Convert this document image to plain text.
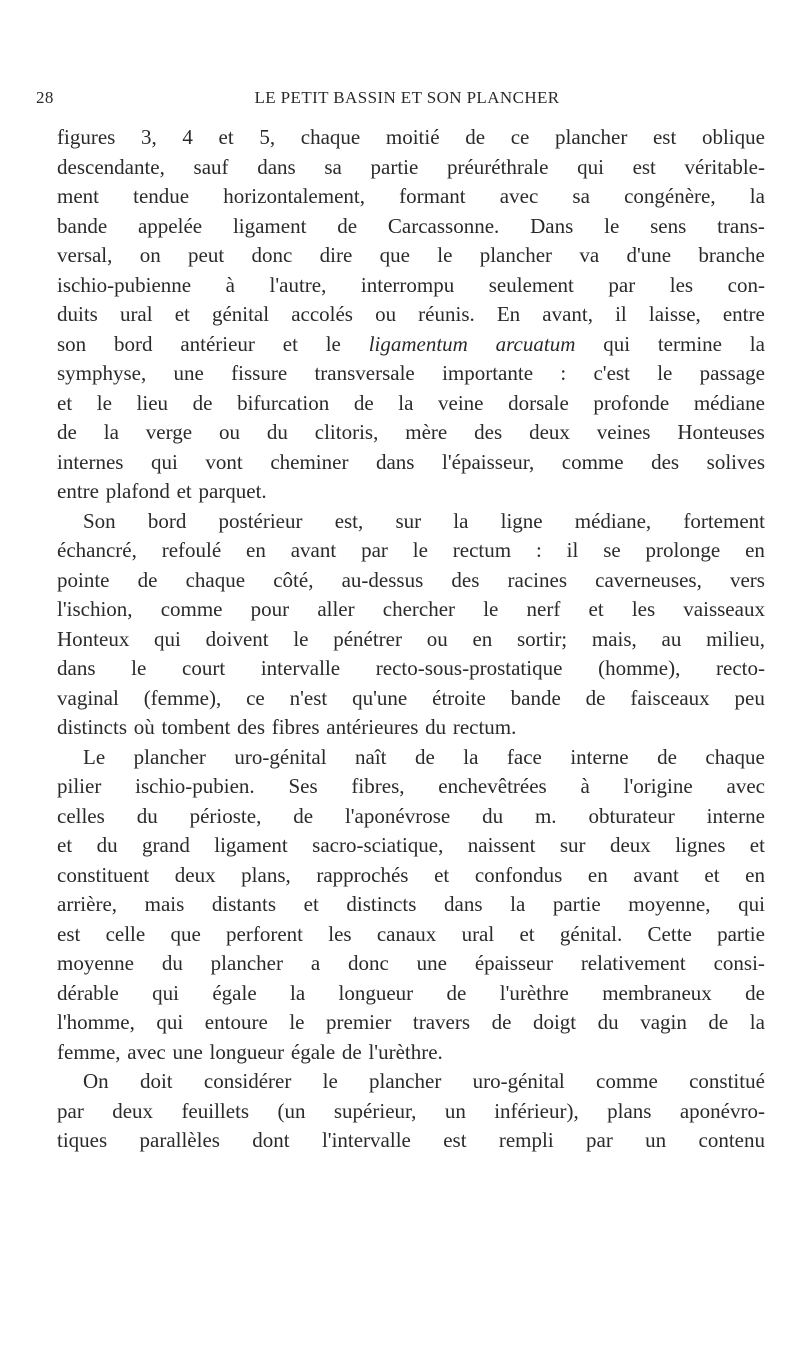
28	LE PETIT BASSIN ET SON PLANCHER
figures 3, 4 et 5, chaque moitié de ce plancher est oblique
descendante, sauf dans sa partie préuréthrale qui est véritable-
ment tendue horizontalement, formant avec sa congénère, la
bande appelée ligament de Carcassonne. Dans le sens trans-
versal, on peut donc dire que le plancher va d'une branche
ischio-pubienne à l'autre, interrompu seulement par les con-
duits ural et génital accolés ou réunis. En avant, il laisse, entre
son bord antérieur et le ligamentum arcuatum qui termine la
symphyse, une fissure transversale importante : c'est le passage
et le lieu de bifurcation de la veine dorsale profonde médiane
de la verge ou du clitoris, mère des deux veines Honteuses
internes qui vont cheminer dans l'épaisseur, comme des solives
entre plafond et parquet.
Son bord postérieur est, sur la ligne médiane, fortement
échancré, refoulé en avant par le rectum : il se prolonge en
pointe de chaque côté, au-dessus des racines caverneuses, vers
l'ischion, comme pour aller chercher le nerf et les vaisseaux
Honteux qui doivent le pénétrer ou en sortir; mais, au milieu,
dans le court intervalle recto-sous-prostatique (homme), recto-
vaginal (femme), ce n'est qu'une étroite bande de faisceaux peu
distincts où tombent des fibres antérieures du rectum.
Le plancher uro-génital naît de la face interne de chaque
pilier ischio-pubien. Ses fibres, enchevêtrées à l'origine avec
celles du périoste, de l'aponévrose du m. obturateur interne
et du grand ligament sacro-sciatique, naissent sur deux lignes et
constituent deux plans, rapprochés et confondus en avant et en
arrière, mais distants et distincts dans la partie moyenne, qui
est celle que perforent les canaux ural et génital. Cette partie
moyenne du plancher a donc une épaisseur relativement consi-
dérable qui égale la longueur de l'urèthre membraneux de
l'homme, qui entoure le premier travers de doigt du vagin de la
femme, avec une longueur égale de l'urèthre.
On doit considérer le plancher uro-génital comme constitué
par deux feuillets (un supérieur, un inférieur), plans aponévro-
tiques parallèles dont l'intervalle est rempli par un contenu
